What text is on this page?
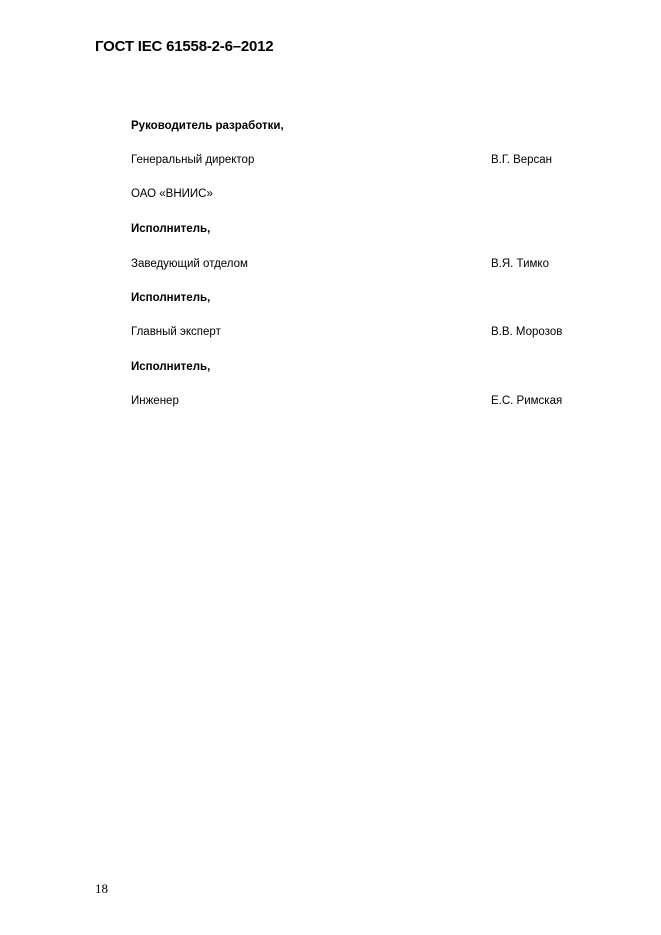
ГОСТ IEC 61558-2-6–2012
Руководитель разработки,
Генеральный директор	В.Г. Версан
ОАО «ВНИИС»
Исполнитель,
Заведующий отделом	В.Я. Тимко
Исполнитель,
Главный эксперт	В.В. Морозов
Исполнитель,
Инженер	Е.С. Римская
18
